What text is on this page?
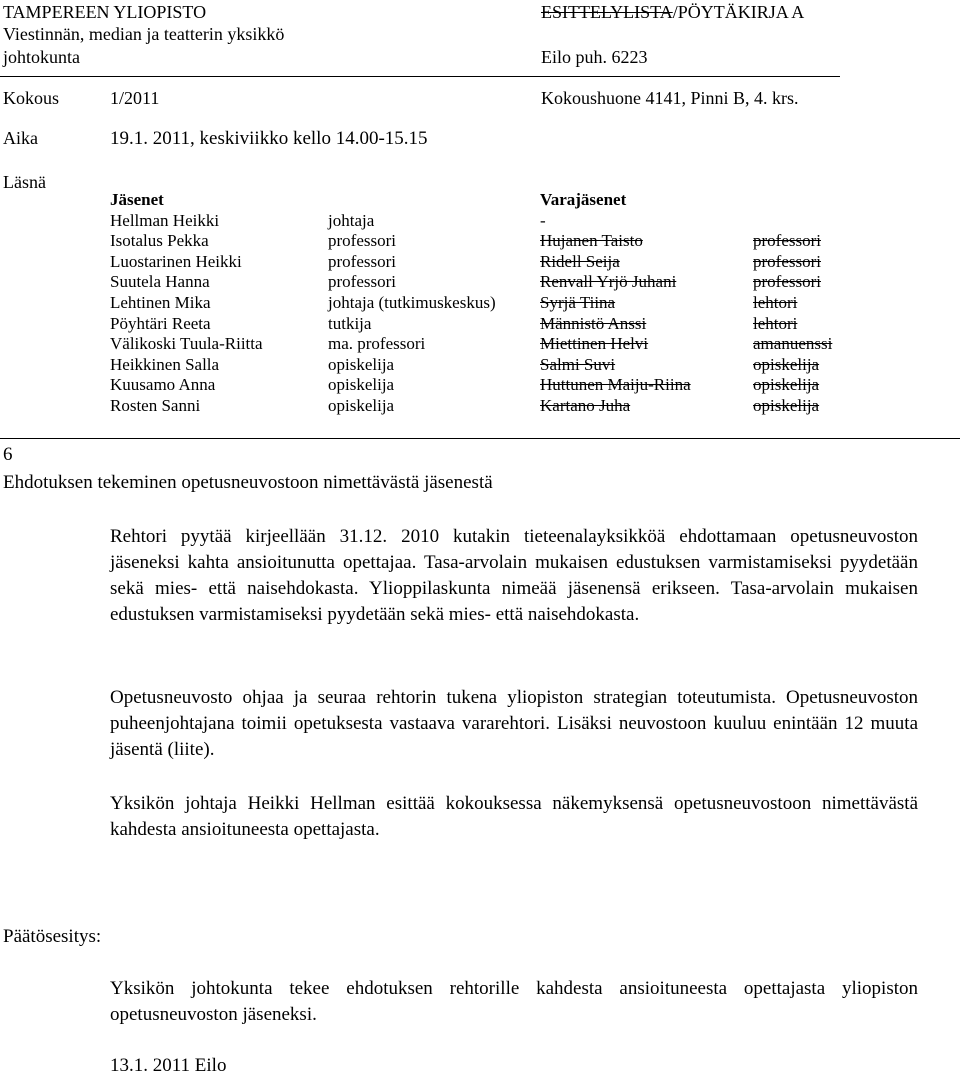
TAMPEREEN YLIOPISTO
Viestinnän, median ja teatterin yksikkö
johtokunta
ESITTELYLISTA/PÖYTÄKIRJA A
Eilo puh. 6223
Kokous	1/2011	Kokoushuone 4141, Pinni B, 4. krs.
Aika	19.1. 2011, keskiviikko kello 14.00-15.15
Läsnä
Jäsenet	Varajäsenet
Hellman Heikki	johtaja	-
Isotalus Pekka	professori	Hujanen Taisto	professori
Luostarinen Heikki	professori	Ridell Seija	professori
Suutela Hanna	professori	Renvall Yrjö Juhani	professori
Lehtinen Mika	johtaja (tutkimuskeskus)	Syrjä Tiina	lehtori
Pöyhtäri Reeta	tutkija	Männistö Anssi	lehtori
Välikoski Tuula-Riitta	ma. professori	Miettinen Helvi	amanuenssi
Heikkinen Salla	opiskelija	Salmi Suvi	opiskelija
Kuusamo Anna	opiskelija	Huttunen Maiju-Riina	opiskelija
Rosten Sanni	opiskelija	Kartano Juha	opiskelija
6
Ehdotuksen tekeminen opetusneuvostoon nimettävästä jäsenestä
Rehtori pyytää kirjeellään 31.12. 2010 kutakin tieteenalayksikköä ehdottamaan opetusneuvoston jäseneksi kahta ansioitunutta opettajaa. Tasa-arvolain mukaisen edustuksen varmistamiseksi pyydetään sekä mies- että naisehdokasta. Ylioppilaskunta nimeää jäsenensä erikseen. Tasa-arvolain mukaisen edustuksen varmistamiseksi pyydetään sekä mies- että naisehdokasta.
Opetusneuvosto ohjaa ja seuraa rehtorin tukena yliopiston strategian toteutumista. Opetusneuvoston puheenjohtajana toimii opetuksesta vastaava vararehtori. Lisäksi neuvostoon kuuluu enintään 12 muuta jäsentä (liite).
Yksikön johtaja Heikki Hellman esittää kokouksessa näkemyksensä opetusneuvostoon nimettävästä kahdesta ansioituneesta opettajasta.
Päätösesitys:
Yksikön johtokunta tekee ehdotuksen rehtorille kahdesta ansioituneesta opettajasta yliopiston opetusneuvoston jäseneksi.
13.1. 2011 Eilo
